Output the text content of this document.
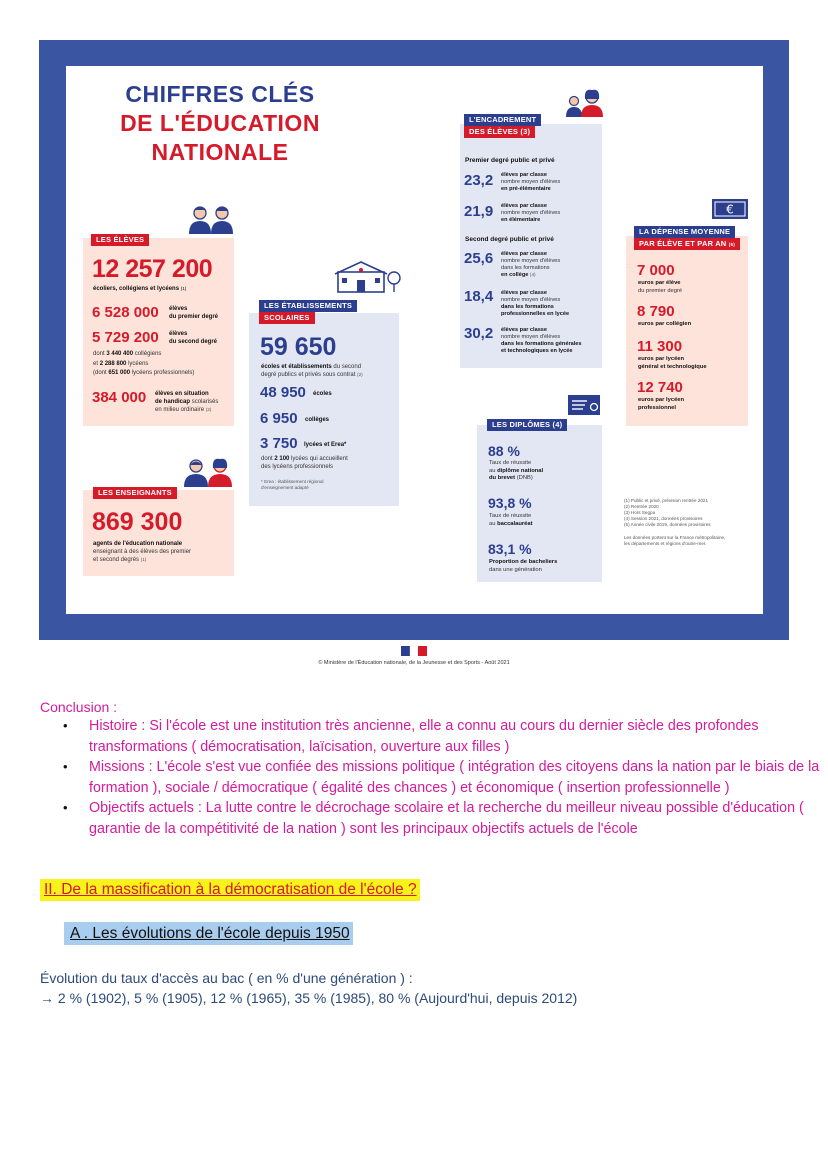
CHIFFRES CLÉS
DE L'ÉDUCATION
NATIONALE
LES ÉLÈVES
12 257 200
écoliers, collégiens et lycéens (1)
6 528 000 élèves
du premier degré
5 729 200 élèves
du second degré
dont 3 440 400 collégiens
et 2 288 800 lycéens
(dont 651 000 lycéens professionnels)
384 000 élèves en situation
de handicap scolarisés
en milieu ordinaire (2)
LES ENSEIGNANTS
869 300
agents de l'éducation nationale
enseignant à des élèves des premier
et second degrés (1)
LES ÉTABLISSEMENTS
SCOLAIRES
59 650
écoles et établissements du second
degré publics et privés sous contrat (2)
48 950 écoles
6 950 collèges
3 750 lycées et Erea*
dont 2 100 lycées qui accueillent
des lycéens professionnels
* Erea : établissement régional
d'enseignement adapté
L'ENCADREMENT
DES ÉLÈVES (3)
Premier degré public et privé
23,2 élèves par classe
nombre moyen d'élèves
en pré-élémentaire
21,9 élèves par classe
nombre moyen d'élèves
en élémentaire
Second degré public et privé
25,6 élèves par classe
nombre moyen d'élèves
dans les formations
en collège (4)
18,4 élèves par classe
nombre moyen d'élèves
dans les formations
professionnelles en lycée
30,2 élèves par classe
nombre moyen d'élèves
dans les formations générales
et technologiques en lycée
LES DIPLÔMES (4)
88 %
Taux de réussite
au diplôme national
du brevet (DNB)
93,8 %
Taux de réussite
au baccalauréat
83,1 %
Proportion de bacheliers
dans une génération
€
LA DÉPENSE MOYENNE
PAR ÉLÈVE ET PAR AN (5)
7 000
euros par élève
du premier degré
8 790
euros par collégien
11 300
euros par lycéen
général et technologique
12 740
euros par lycéen
professionnel
(1) Public et privé, prévision rentrée 2021
(2) Rentrée 2020
(3) Hors Segpa
(4) Session 2021, données provisoires
(5) Année civile 2019, données provisoires
Les données portent sur la France métropolitaine,
les départements et régions d'outre-mer.
© Ministère de l'Éducation nationale, de la Jeunesse et des Sports - Août 2021
Conclusion :
• Histoire : Si l'école est une institution très ancienne, elle a connu au cours du dernier siècle des profondes transformations ( démocratisation, laïcisation, ouverture aux filles )
• Missions : L'école s'est vue confiée des missions politique ( intégration des citoyens dans la nation par le biais de la formation ), sociale / démocratique ( égalité des chances ) et économique ( insertion professionnelle )
• Objectifs actuels : La lutte contre le décrochage scolaire et la recherche du meilleur niveau possible d'éducation ( garantie de la compétitivité de la nation ) sont les principaux objectifs actuels de l'école
II. De la massification à la démocratisation de l'école ?
A . Les évolutions de l'école depuis 1950
Évolution du taux d'accès au bac ( en % d'une génération ) :
→ 2 % (1902), 5 % (1905), 12 % (1965), 35 % (1985), 80 % (Aujourd'hui, depuis 2012)
